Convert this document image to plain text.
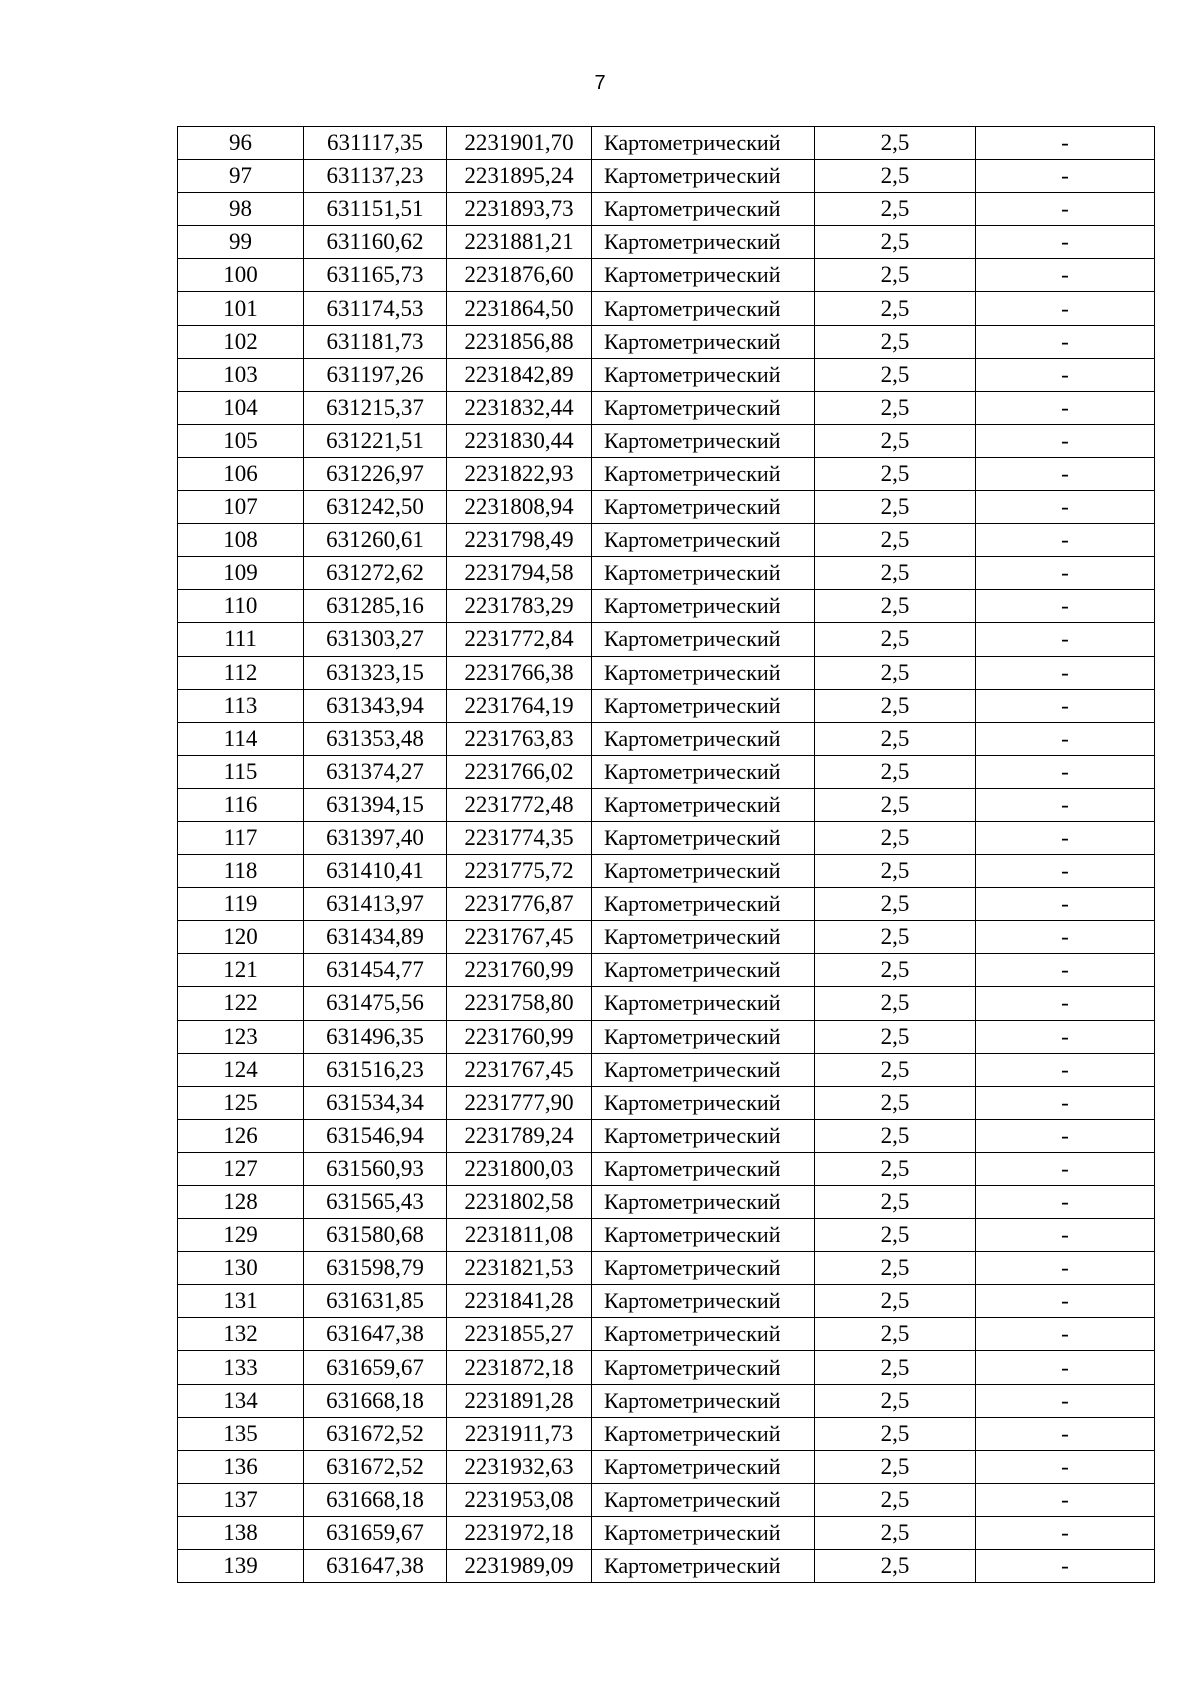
7
96	631117,35	2231901,70	Картометрический	2,5	-
97	631137,23	2231895,24	Картометрический	2,5	-
98	631151,51	2231893,73	Картометрический	2,5	-
99	631160,62	2231881,21	Картометрический	2,5	-
100	631165,73	2231876,60	Картометрический	2,5	-
101	631174,53	2231864,50	Картометрический	2,5	-
102	631181,73	2231856,88	Картометрический	2,5	-
103	631197,26	2231842,89	Картометрический	2,5	-
104	631215,37	2231832,44	Картометрический	2,5	-
105	631221,51	2231830,44	Картометрический	2,5	-
106	631226,97	2231822,93	Картометрический	2,5	-
107	631242,50	2231808,94	Картометрический	2,5	-
108	631260,61	2231798,49	Картометрический	2,5	-
109	631272,62	2231794,58	Картометрический	2,5	-
110	631285,16	2231783,29	Картометрический	2,5	-
111	631303,27	2231772,84	Картометрический	2,5	-
112	631323,15	2231766,38	Картометрический	2,5	-
113	631343,94	2231764,19	Картометрический	2,5	-
114	631353,48	2231763,83	Картометрический	2,5	-
115	631374,27	2231766,02	Картометрический	2,5	-
116	631394,15	2231772,48	Картометрический	2,5	-
117	631397,40	2231774,35	Картометрический	2,5	-
118	631410,41	2231775,72	Картометрический	2,5	-
119	631413,97	2231776,87	Картометрический	2,5	-
120	631434,89	2231767,45	Картометрический	2,5	-
121	631454,77	2231760,99	Картометрический	2,5	-
122	631475,56	2231758,80	Картометрический	2,5	-
123	631496,35	2231760,99	Картометрический	2,5	-
124	631516,23	2231767,45	Картометрический	2,5	-
125	631534,34	2231777,90	Картометрический	2,5	-
126	631546,94	2231789,24	Картометрический	2,5	-
127	631560,93	2231800,03	Картометрический	2,5	-
128	631565,43	2231802,58	Картометрический	2,5	-
129	631580,68	2231811,08	Картометрический	2,5	-
130	631598,79	2231821,53	Картометрический	2,5	-
131	631631,85	2231841,28	Картометрический	2,5	-
132	631647,38	2231855,27	Картометрический	2,5	-
133	631659,67	2231872,18	Картометрический	2,5	-
134	631668,18	2231891,28	Картометрический	2,5	-
135	631672,52	2231911,73	Картометрический	2,5	-
136	631672,52	2231932,63	Картометрический	2,5	-
137	631668,18	2231953,08	Картометрический	2,5	-
138	631659,67	2231972,18	Картометрический	2,5	-
139	631647,38	2231989,09	Картометрический	2,5	-
